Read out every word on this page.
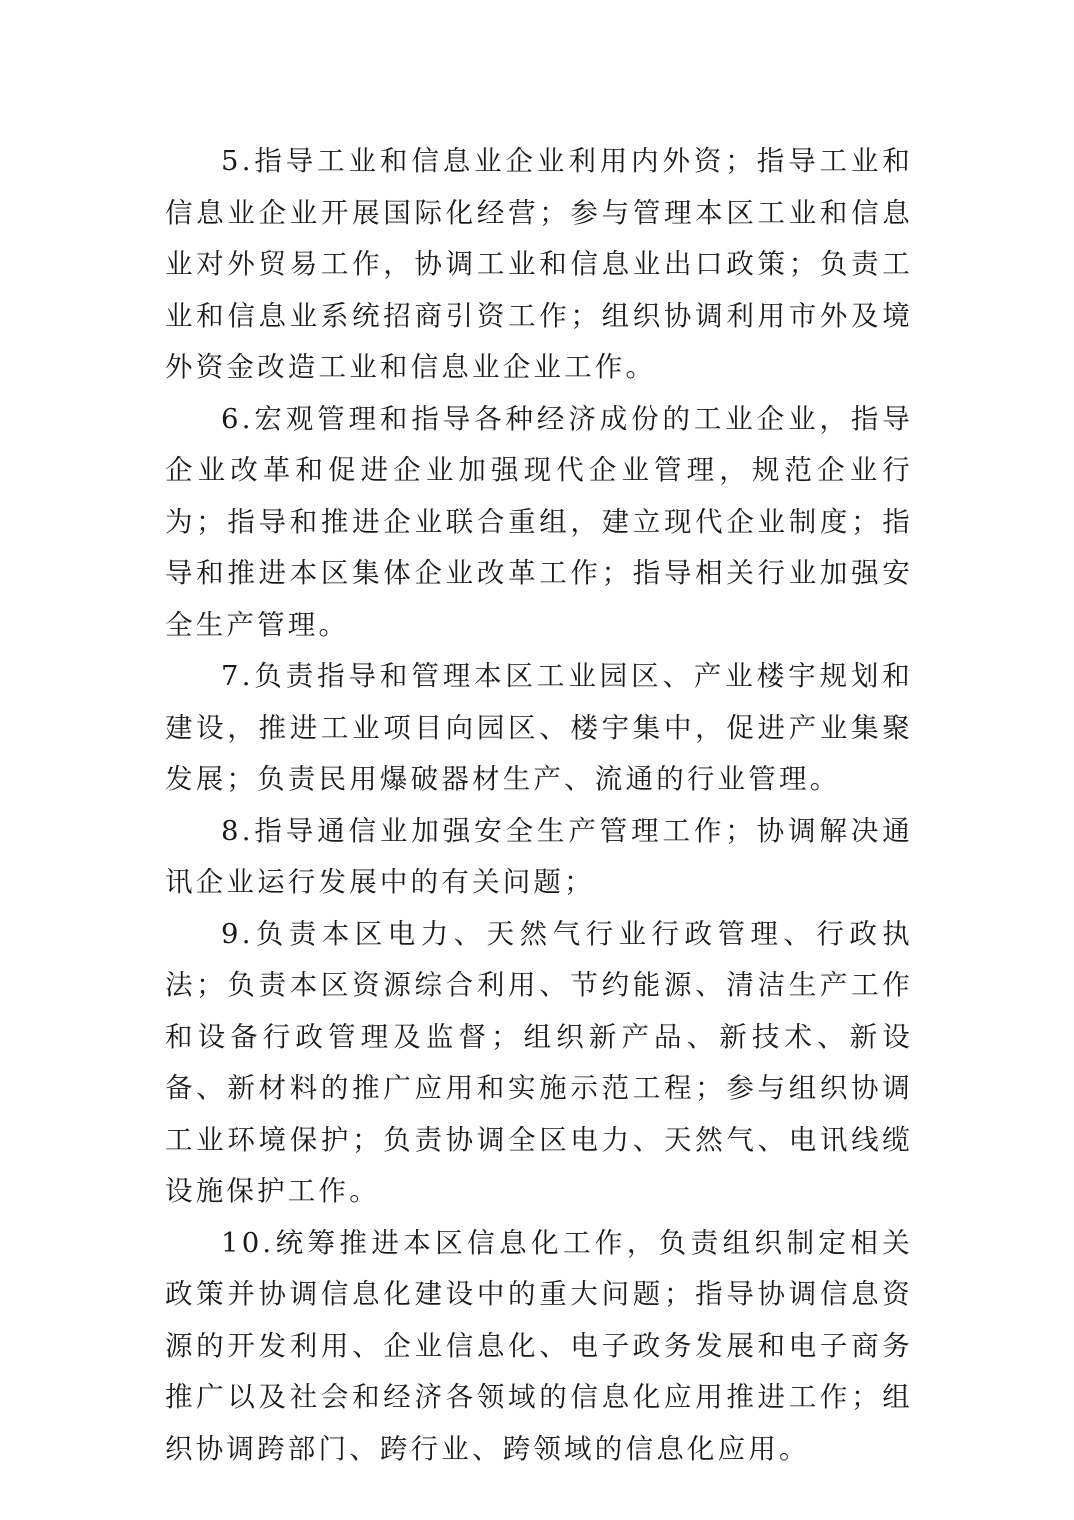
5.指导工业和信息业企业利用内外资；指导工业和信息业企业开展国际化经营；参与管理本区工业和信息业对外贸易工作，协调工业和信息业出口政策；负责工业和信息业系统招商引资工作；组织协调利用市外及境外资金改造工业和信息业企业工作。

6.宏观管理和指导各种经济成份的工业企业，指导企业改革和促进企业加强现代企业管理，规范企业行为；指导和推进企业联合重组，建立现代企业制度；指导和推进本区集体企业改革工作；指导相关行业加强安全生产管理。

7.负责指导和管理本区工业园区、产业楼宇规划和建设，推进工业项目向园区、楼宇集中，促进产业集聚发展；负责民用爆破器材生产、流通的行业管理。

8.指导通信业加强安全生产管理工作；协调解决通讯企业运行发展中的有关问题；

9.负责本区电力、天然气行业行政管理、行政执法；负责本区资源综合利用、节约能源、清洁生产工作和设备行政管理及监督；组织新产品、新技术、新设备、新材料的推广应用和实施示范工程；参与组织协调工业环境保护；负责协调全区电力、天然气、电讯线缆设施保护工作。

10.统筹推进本区信息化工作，负责组织制定相关政策并协调信息化建设中的重大问题；指导协调信息资源的开发利用、企业信息化、电子政务发展和电子商务推广以及社会和经济各领域的信息化应用推进工作；组织协调跨部门、跨行业、跨领域的信息化应用。
